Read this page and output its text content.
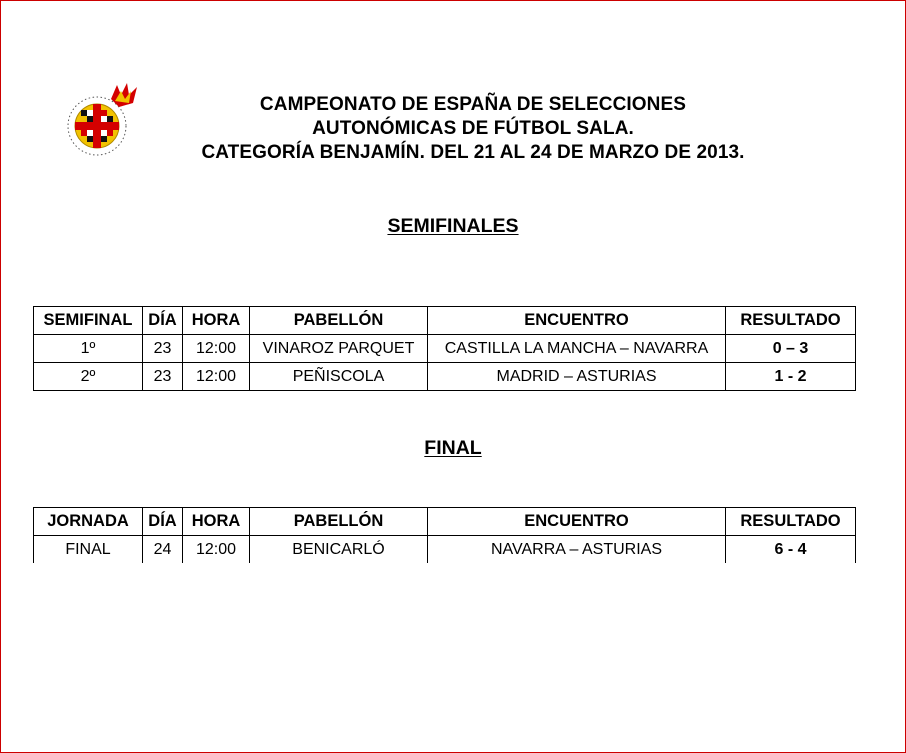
CAMPEONATO DE ESPAÑA DE SELECCIONES
AUTONÓMICAS DE FÚTBOL SALA.
CATEGORÍA BENJAMÍN. DEL 21 AL 24 DE MARZO DE 2013.
SEMIFINALES
SEMIFINAL	DÍA	HORA	PABELLÓN	ENCUENTRO	RESULTADO
1º	23	12:00	VINAROZ PARQUET	CASTILLA LA MANCHA – NAVARRA	0 – 3
2º	23	12:00	PEÑISCOLA	MADRID – ASTURIAS	1 - 2
FINAL
JORNADA	DÍA	HORA	PABELLÓN	ENCUENTRO	RESULTADO
FINAL	24	12:00	BENICARLÓ	NAVARRA – ASTURIAS	6 - 4
